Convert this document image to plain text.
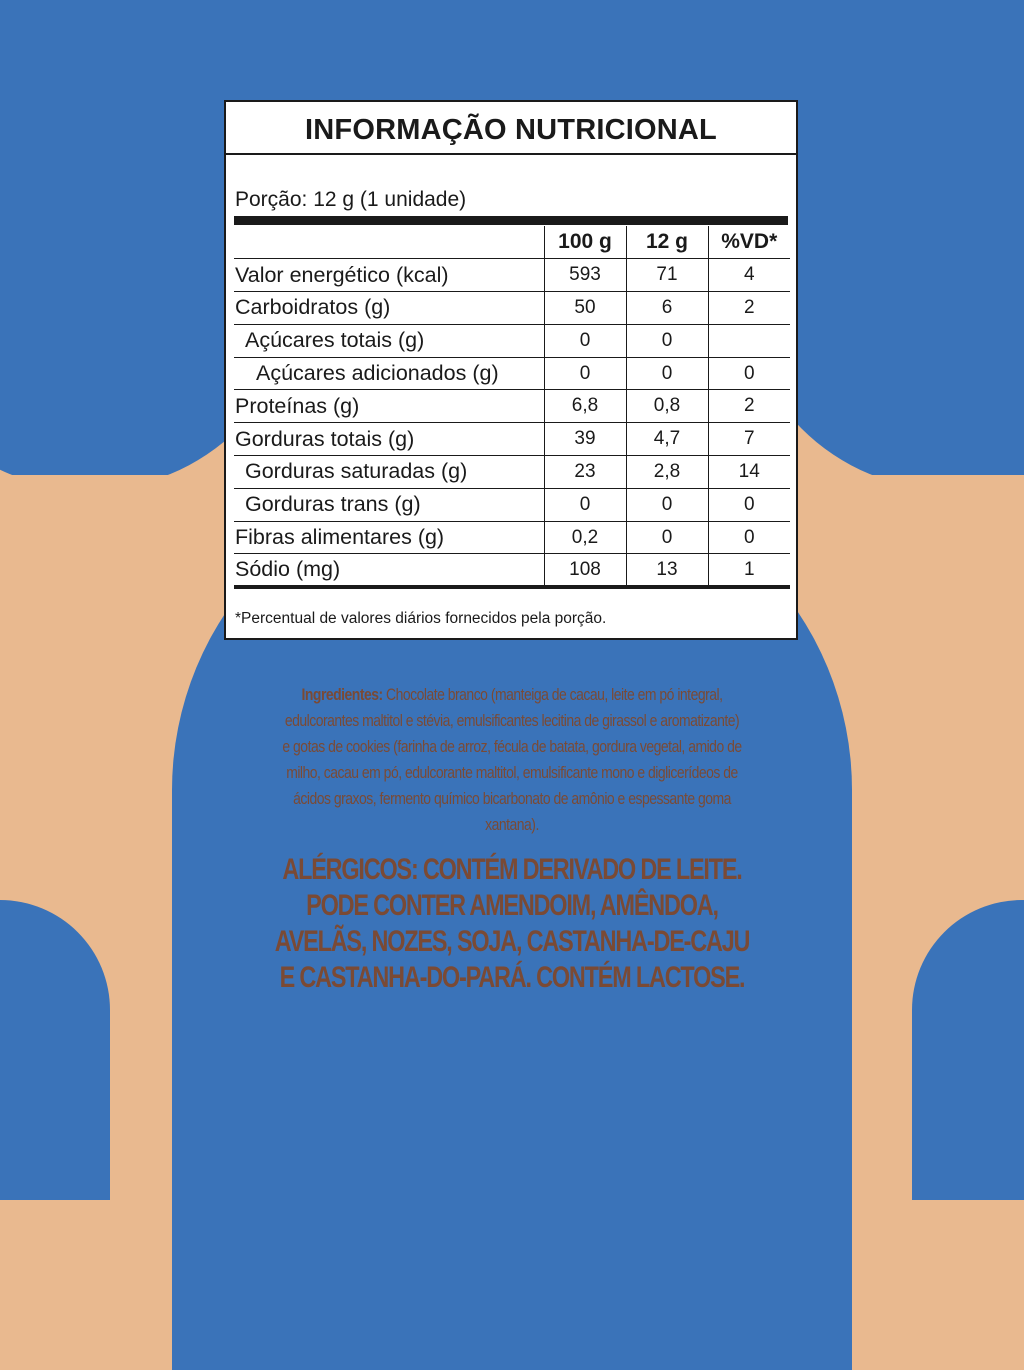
INFORMAÇÃO NUTRICIONAL
Porção: 12 g (1 unidade)
	100 g	12 g	%VD*
Valor energético (kcal)	593	71	4
Carboidratos (g)	50	6	2
Açúcares totais (g)	0	0	
Açúcares adicionados (g)	0	0	0
Proteínas (g)	6,8	0,8	2
Gorduras totais (g)	39	4,7	7
Gorduras saturadas (g)	23	2,8	14
Gorduras trans (g)	0	0	0
Fibras alimentares (g)	0,2	0	0
Sódio (mg)	108	13	1
*Percentual de valores diários fornecidos pela porção.
Ingredientes: Chocolate branco (manteiga de cacau, leite em pó integral, edulcorantes maltitol e stévia, emulsificantes lecitina de girassol e aromatizante) e gotas de cookies (farinha de arroz, fécula de batata, gordura vegetal, amido de milho, cacau em pó, edulcorante maltitol, emulsificante mono e diglicerídeos de ácidos graxos, fermento químico bicarbonato de amônio e espessante goma xantana).
ALÉRGICOS: CONTÉM DERIVADO DE LEITE. PODE CONTER AMENDOIM, AMÊNDOA, AVELÃS, NOZES, SOJA, CASTANHA-DE-CAJU E CASTANHA-DO-PARÁ. CONTÉM LACTOSE.
